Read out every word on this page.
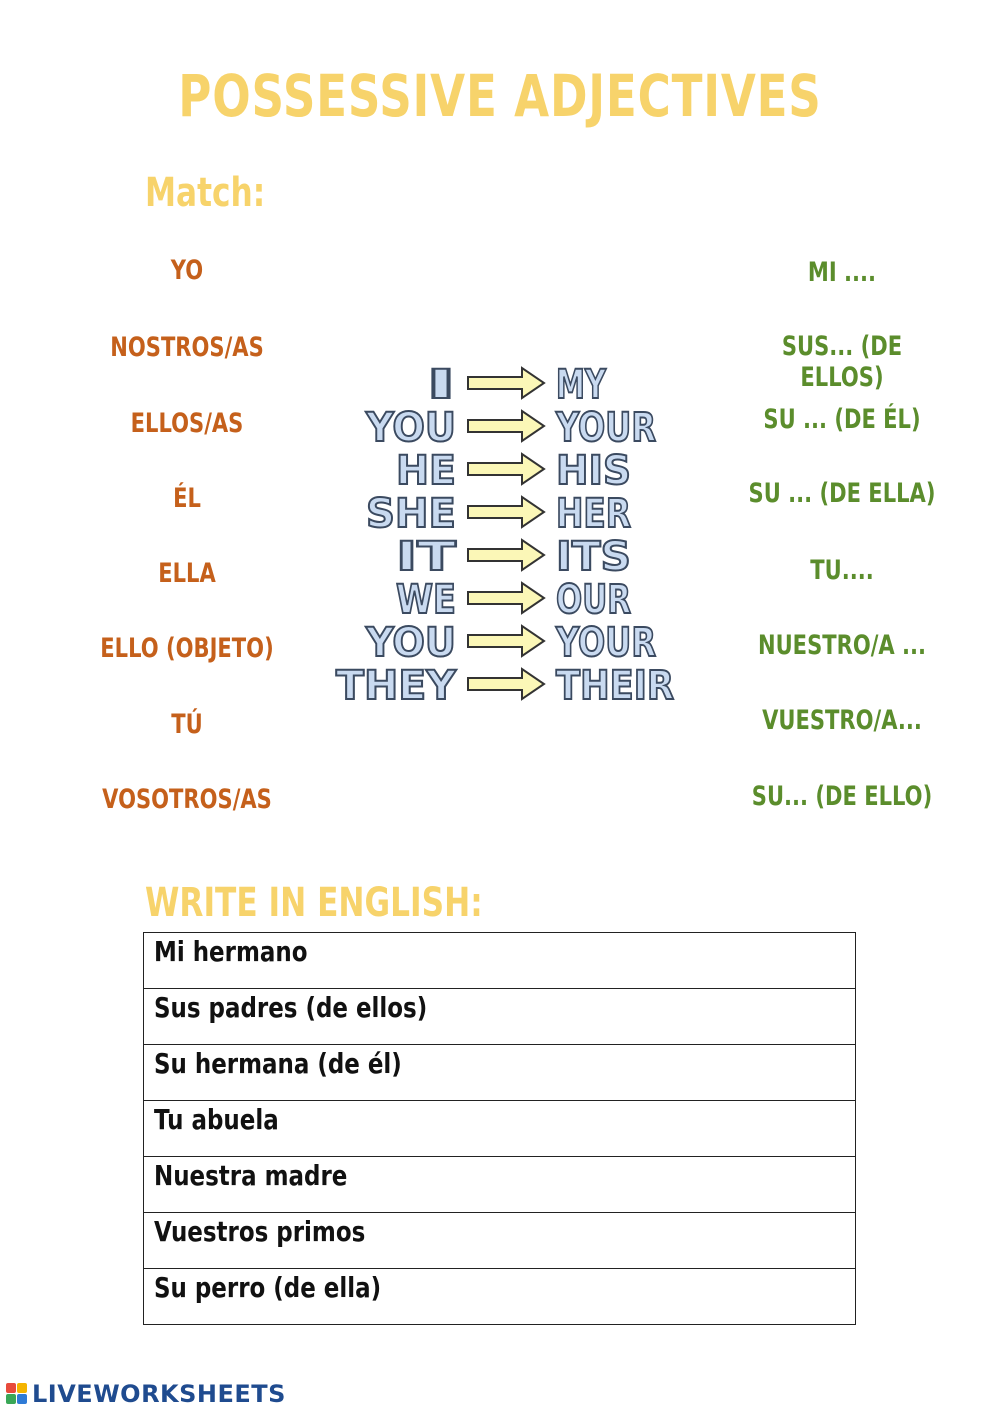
POSSESSIVE ADJECTIVES
Match:
YO
NOSTROS/AS
ELLOS/AS
ÉL
ELLA
ELLO (OBJETO)
TÚ
VOSOTROS/AS
MI ....
SUS... (DE ELLOS)
SU ... (DE ÉL)
SU ... (DE ELLA)
TU....
NUESTRO/A ...
VUESTRO/A...
SU... (DE ELLO)
I	MY
YOU YOUR
HE	HIS
SHE	HER
IT ITS
WE	OUR
YOU YOUR
THEY THEIR
WRITE IN ENGLISH:
Mi hermano
Sus padres (de ellos)
Su hermana (de él)
Tu abuela
Nuestra madre
Vuestros primos
Su perro (de ella)
LIVEWORKSHEETS
